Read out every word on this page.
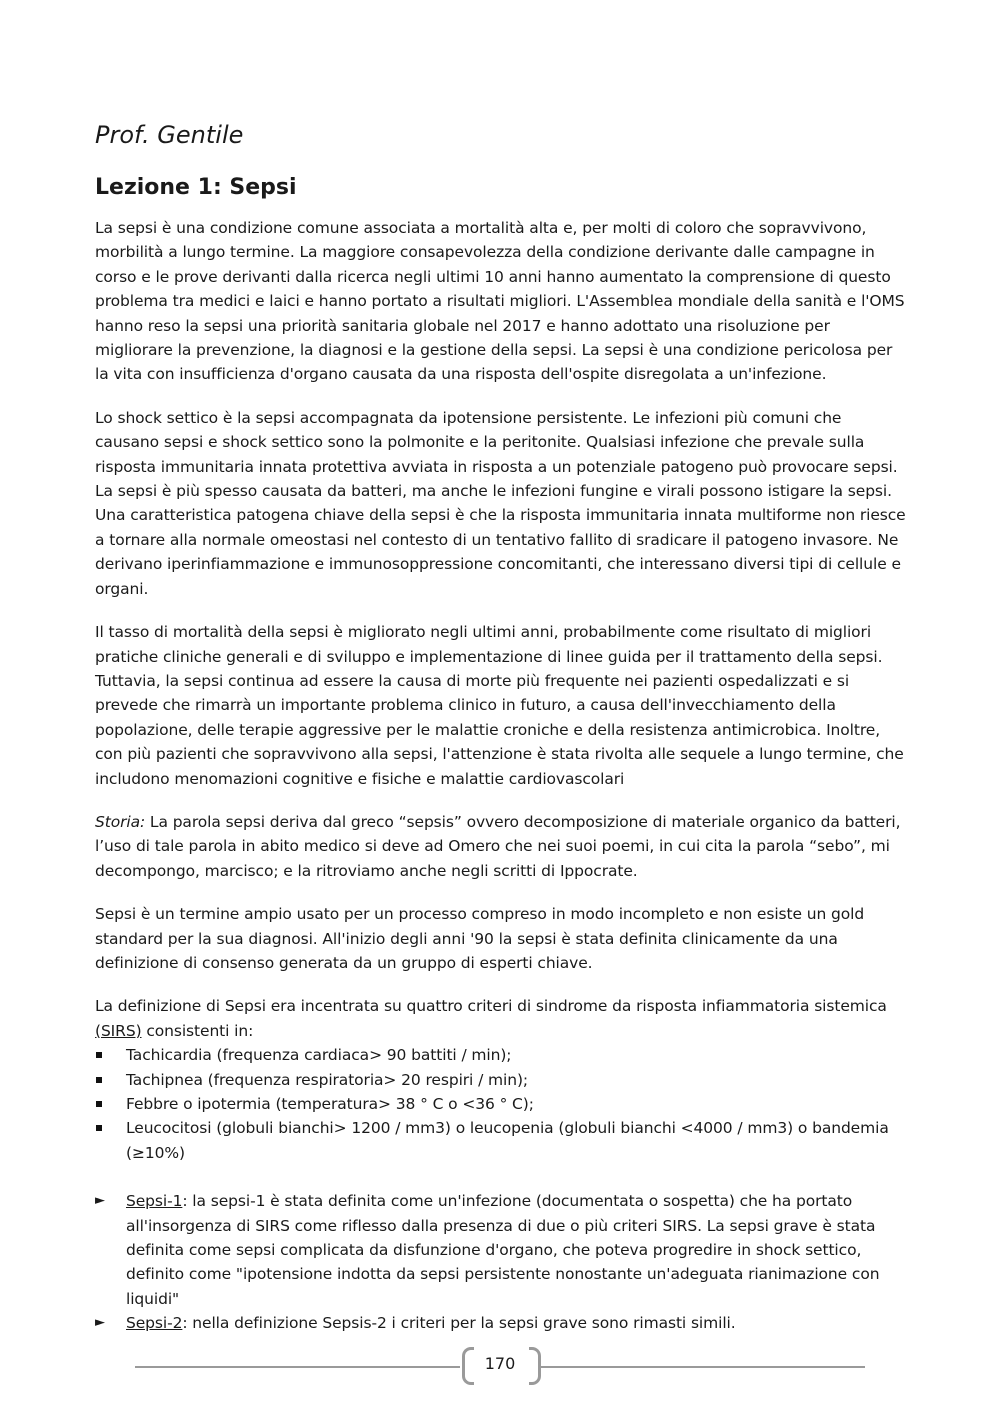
Prof. Gentile
Lezione 1: Sepsi

La sepsi è una condizione comune associata a mortalità alta e, per molti di coloro che sopravvivono, morbilità a lungo termine. La maggiore consapevolezza della condizione derivante dalle campagne in corso e le prove derivanti dalla ricerca negli ultimi 10 anni hanno aumentato la comprensione di questo problema tra medici e laici e hanno portato a risultati migliori. L'Assemblea mondiale della sanità e l'OMS hanno reso la sepsi una priorità sanitaria globale nel 2017 e hanno adottato una risoluzione per migliorare la prevenzione, la diagnosi e la gestione della sepsi. La sepsi è una condizione pericolosa per la vita con insufficienza d'organo causata da una risposta dell'ospite disregolata a un'infezione.

Lo shock settico è la sepsi accompagnata da ipotensione persistente. Le infezioni più comuni che causano sepsi e shock settico sono la polmonite e la peritonite. Qualsiasi infezione che prevale sulla risposta immunitaria innata protettiva avviata in risposta a un potenziale patogeno può provocare sepsi. La sepsi è più spesso causata da batteri, ma anche le infezioni fungine e virali possono istigare la sepsi. Una caratteristica patogena chiave della sepsi è che la risposta immunitaria innata multiforme non riesce a tornare alla normale omeostasi nel contesto di un tentativo fallito di sradicare il patogeno invasore. Ne derivano iperinfiammazione e immunosoppressione concomitanti, che interessano diversi tipi di cellule e organi.

Il tasso di mortalità della sepsi è migliorato negli ultimi anni, probabilmente come risultato di migliori pratiche cliniche generali e di sviluppo e implementazione di linee guida per il trattamento della sepsi. Tuttavia, la sepsi continua ad essere la causa di morte più frequente nei pazienti ospedalizzati e si prevede che rimarrà un importante problema clinico in futuro, a causa dell'invecchiamento della popolazione, delle terapie aggressive per le malattie croniche e della resistenza antimicrobica. Inoltre, con più pazienti che sopravvivono alla sepsi, l'attenzione è stata rivolta alle sequele a lungo termine, che includono menomazioni cognitive e fisiche e malattie cardiovascolari

Storia: La parola sepsi deriva dal greco “sepsis” ovvero decomposizione di materiale organico da batteri, l’uso di tale parola in abito medico si deve ad Omero che nei suoi poemi, in cui cita la parola “sebo”, mi decompongo, marcisco; e la ritroviamo anche negli scritti di Ippocrate.

Sepsi è un termine ampio usato per un processo compreso in modo incompleto e non esiste un gold standard per la sua diagnosi. All'inizio degli anni '90 la sepsi è stata definita clinicamente da una definizione di consenso generata da un gruppo di esperti chiave.

La definizione di Sepsi era incentrata su quattro criteri di sindrome da risposta infiammatoria sistemica (SIRS) consistenti in:

Tachicardia (frequenza cardiaca> 90 battiti / min);
Tachipnea (frequenza respiratoria> 20 respiri / min);
Febbre o ipotermia (temperatura> 38 ° C o <36 ° C);
Leucocitosi (globuli bianchi> 1200 / mm3) o leucopenia (globuli bianchi <4000 / mm3) o bandemia (≥10%)
► Sepsi-1: la sepsi-1 è stata definita come un'infezione (documentata o sospetta) che ha portato all'insorgenza di SIRS come riflesso dalla presenza di due o più criteri SIRS. La sepsi grave è stata definita come sepsi complicata da disfunzione d'organo, che poteva progredire in shock settico, definito come "ipotensione indotta da sepsi persistente nonostante un'adeguata rianimazione con liquidi"
► Sepsi-2: nella definizione Sepsis-2 i criteri per la sepsi grave sono rimasti simili.
170
